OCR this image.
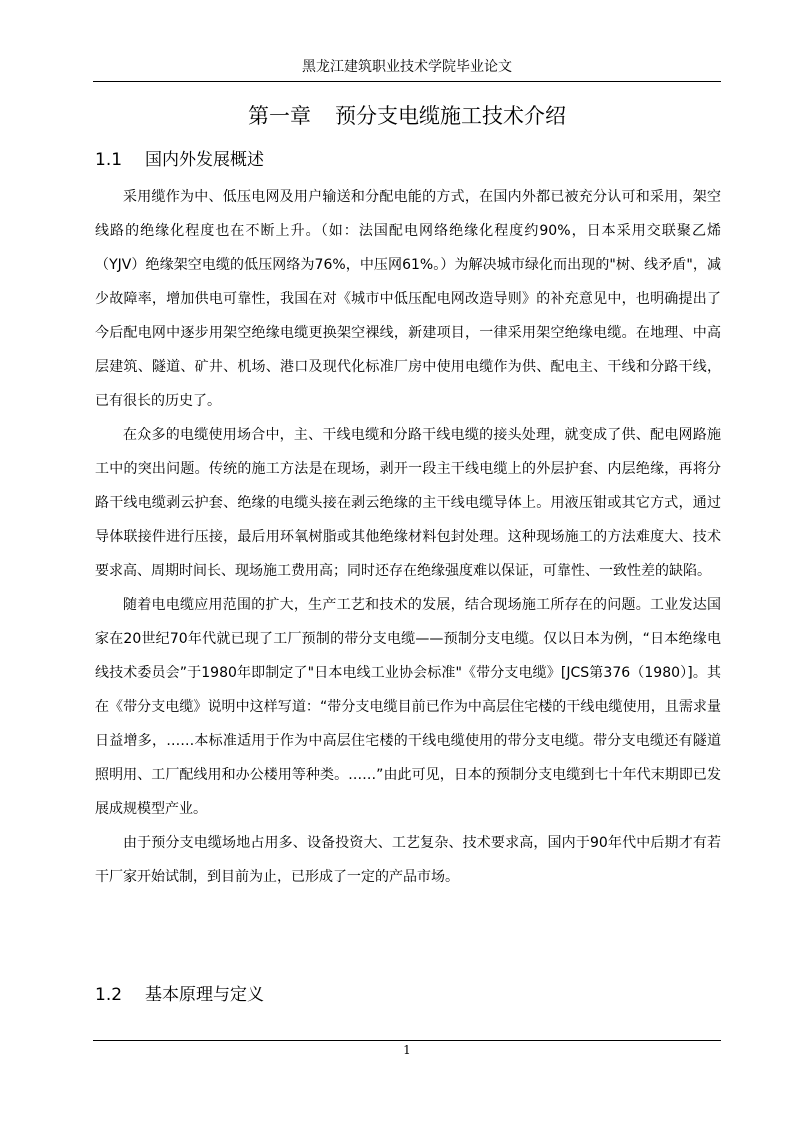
黑龙江建筑职业技术学院毕业论文
第一章 预分支电缆施工技术介绍
1.1 国内外发展概述

采用缆作为中、低压电网及用户输送和分配电能的方式，在国内外都已被充分认可和采用，架空线路的绝缘化程度也在不断上升。（如：法国配电网络绝缘化程度约90%，日本采用交联聚乙烯（YJV）绝缘架空电缆的低压网络为76%，中压网61%。）为解决城市绿化而出现的"树、线矛盾"，减少故障率，增加供电可靠性，我国在对《城市中低压配电网改造导则》的补充意见中，也明确提出了今后配电网中逐步用架空绝缘电缆更换架空裸线，新建项目，一律采用架空绝缘电缆。在地理、中高层建筑、隧道、矿井、机场、港口及现代化标准厂房中使用电缆作为供、配电主、干线和分路干线，已有很长的历史了。

在众多的电缆使用场合中，主、干线电缆和分路干线电缆的接头处理，就变成了供、配电网路施工中的突出问题。传统的施工方法是在现场，剥开一段主干线电缆上的外层护套、内层绝缘，再将分路干线电缆剥云护套、绝缘的电缆头接在剥云绝缘的主干线电缆导体上。用液压钳或其它方式，通过导体联接件进行压接，最后用环氧树脂或其他绝缘材料包封处理。这种现场施工的方法难度大、技术要求高、周期时间长、现场施工费用高；同时还存在绝缘强度难以保证，可靠性、一致性差的缺陷。

随着电电缆应用范围的扩大，生产工艺和技术的发展，结合现场施工所存在的问题。工业发达国家在20世纪70年代就已现了工厂预制的带分支电缆——预制分支电缆。仅以日本为例，“日本绝缘电线技术委员会”于1980年即制定了"日本电线工业协会标准"《带分支电缆》[JCS第376（1980）]。其在《带分支电缆》说明中这样写道：“带分支电缆目前已作为中高层住宅楼的干线电缆使用，且需求量日益增多，……本标准适用于作为中高层住宅楼的干线电缆使用的带分支电缆。带分支电缆还有隧道照明用、工厂配线用和办公楼用等种类。……”由此可见，日本的预制分支电缆到七十年代末期即已发展成规模型产业。

由于预分支电缆场地占用多、设备投资大、工艺复杂、技术要求高，国内于90年代中后期才有若干厂家开始试制，到目前为止，已形成了一定的产品市场。

1.2 基本原理与定义
1
